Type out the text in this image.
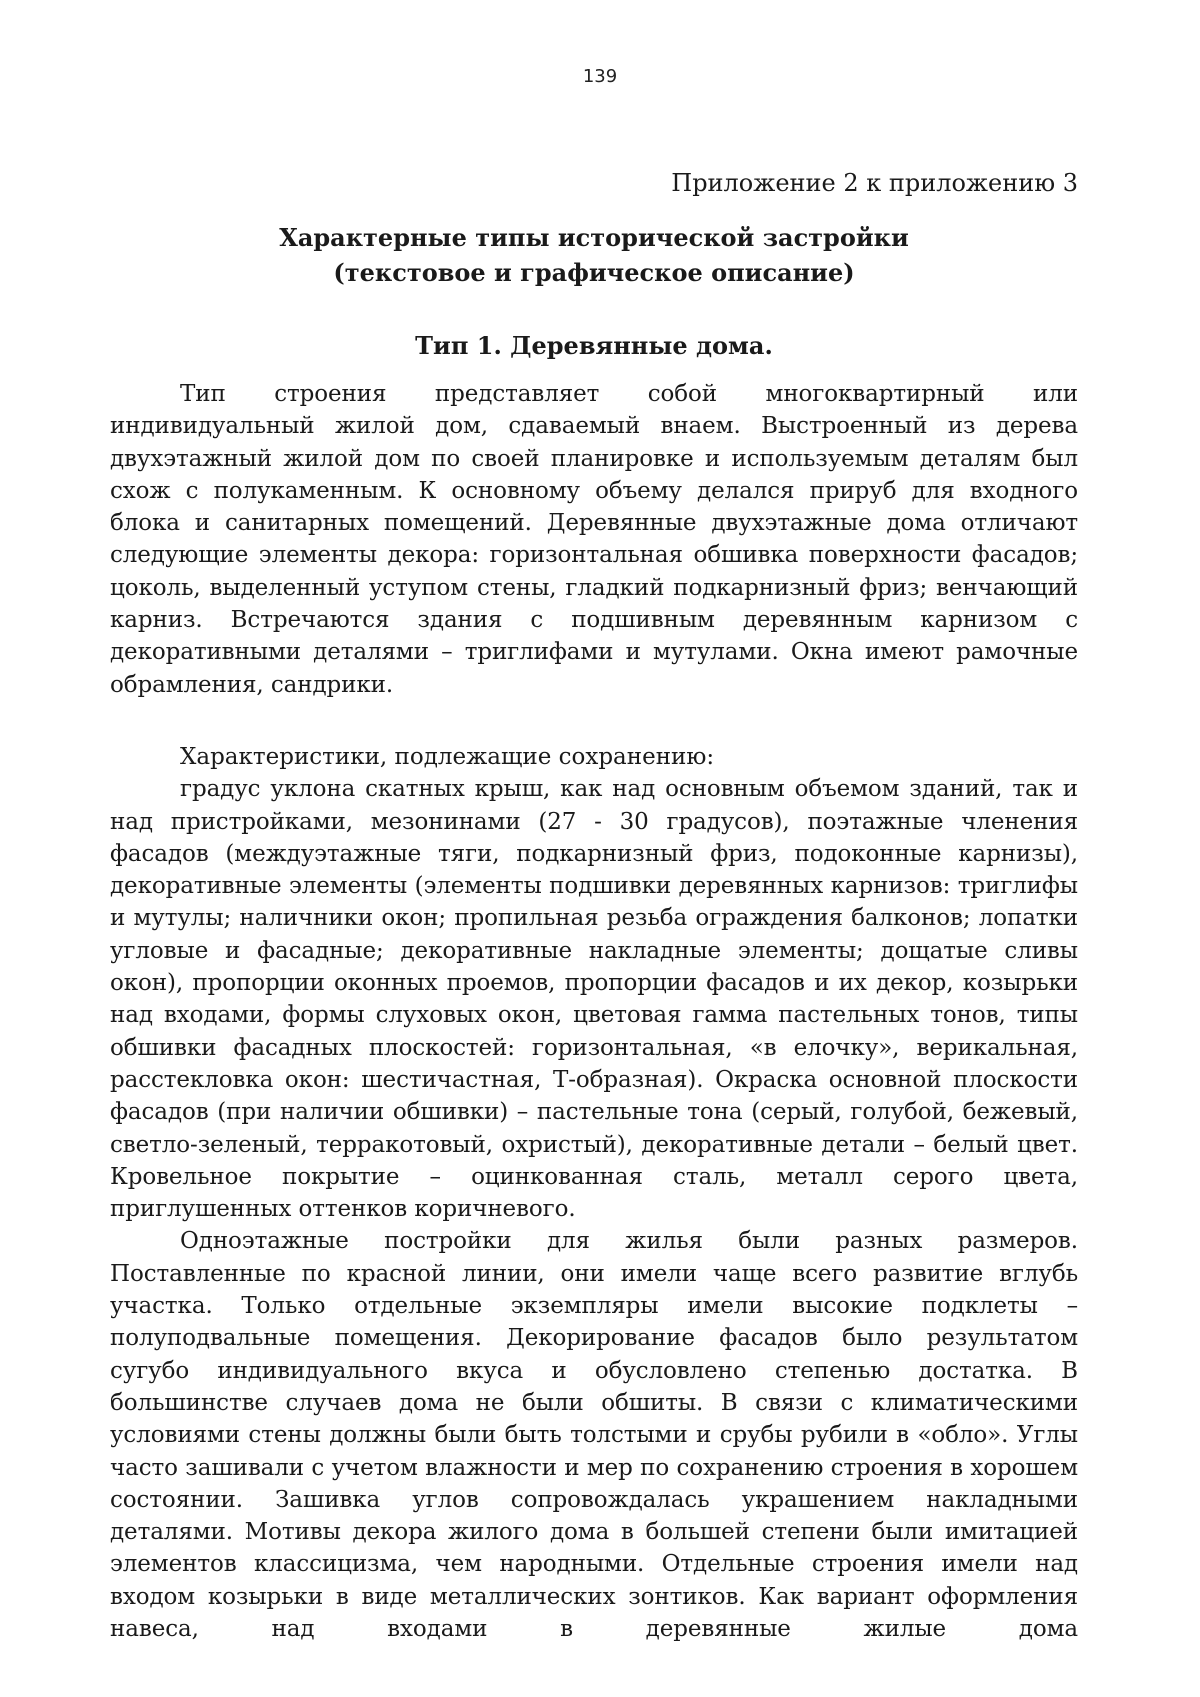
139

Приложение 2 к приложению 3

Характерные типы исторической застройки

(текстовое и графическое описание)

Тип 1. Деревянные дома.

Тип строения представляет собой многоквартирный или индивидуальный жилой дом, сдаваемый внаем. Выстроенный из дерева двухэтажный жилой дом по своей планировке и используемым деталям был схож с полукаменным. К основному объему делался прируб для входного блока и санитарных помещений. Деревянные двухэтажные дома отличают следующие элементы декора: горизонтальная обшивка поверхности фасадов; цоколь, выделенный уступом стены, гладкий подкарнизный фриз; венчающий карниз. Встречаются здания с подшивным деревянным карнизом с декоративными деталями – триглифами и мутулами. Окна имеют рамочные обрамления, сандрики.

Характеристики, подлежащие сохранению:

градус уклона скатных крыш, как над основным объемом зданий, так и над пристройками, мезонинами (27 - 30 градусов), поэтажные членения фасадов (междуэтажные тяги, подкарнизный фриз, подоконные карнизы), декоративные элементы (элементы подшивки деревянных карнизов: триглифы и мутулы; наличники окон; пропильная резьба ограждения балконов; лопатки угловые и фасадные; декоративные накладные элементы; дощатые сливы окон), пропорции оконных проемов, пропорции фасадов и их декор, козырьки над входами, формы слуховых окон, цветовая гамма пастельных тонов, типы обшивки фасадных плоскостей: горизонтальная, «в елочку», верикальная, расстекловка окон: шестичастная, Т-образная). Окраска основной плоскости фасадов (при наличии обшивки) – пастельные тона (серый, голубой, бежевый, светло-зеленый, терракотовый, охристый), декоративные детали – белый цвет. Кровельное покрытие – оцинкованная сталь, металл серого цвета, приглушенных оттенков коричневого.

Одноэтажные постройки для жилья были разных размеров. Поставленные по красной линии, они имели чаще всего развитие вглубь участка. Только отдельные экземпляры имели высокие подклеты – полуподвальные помещения. Декорирование фасадов было результатом сугубо индивидуального вкуса и обусловлено степенью достатка. В большинстве случаев дома не были обшиты. В связи с климатическими условиями стены должны были быть толстыми и срубы рубили в «обло». Углы часто зашивали с учетом влажности и мер по сохранению строения в хорошем состоянии. Зашивка углов сопровождалась украшением накладными деталями. Мотивы декора жилого дома в большей степени были имитацией элементов классицизма, чем народными. Отдельные строения имели над входом козырьки в виде металлических зонтиков. Как вариант оформления навеса, над входами в деревянные жилые дома
